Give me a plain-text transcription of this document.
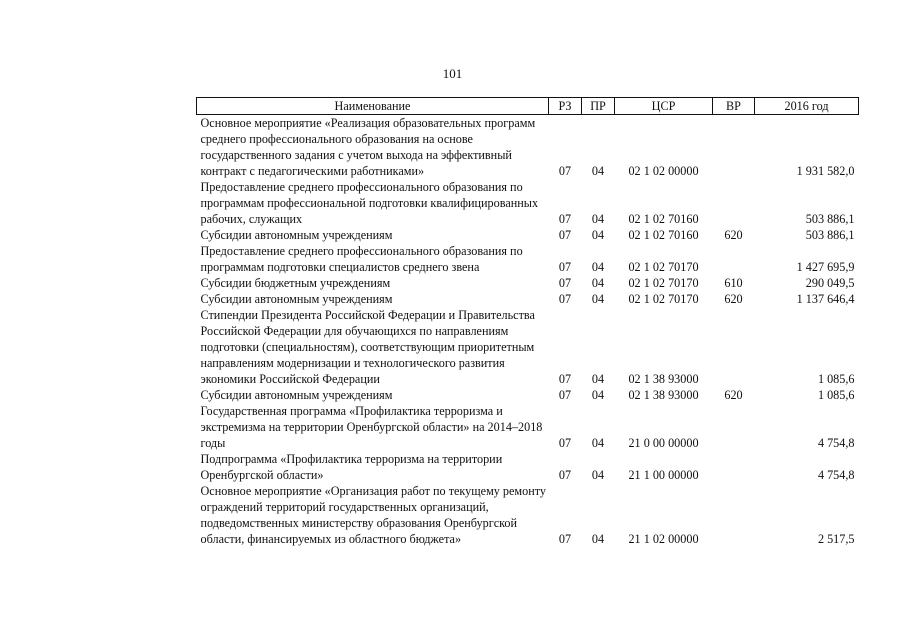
101
Наименование	РЗ	ПР	ЦСР	ВР	2016 год
Основное мероприятие «Реализация образовательных программ среднего профессионального образования на основе государственного задания с учетом выхода на эффективный контракт с педагогическими работниками»	07	04	02 1 02 00000		1 931 582,0
Предоставление среднего профессионального образования по программам профессиональной подготовки квалифицированных рабочих, служащих	07	04	02 1 02 70160		503 886,1
Субсидии автономным учреждениям	07	04	02 1 02 70160	620	503 886,1
Предоставление среднего профессионального образования по программам подготовки специалистов среднего звена	07	04	02 1 02 70170		1 427 695,9
Субсидии бюджетным учреждениям	07	04	02 1 02 70170	610	290 049,5
Субсидии автономным учреждениям	07	04	02 1 02 70170	620	1 137 646,4
Стипендии Президента Российской Федерации и Правительства Российской Федерации для обучающихся по направлениям подготовки (специальностям), соответствующим приоритетным направлениям модернизации и технологического развития экономики Российской Федерации	07	04	02 1 38 93000		1 085,6
Субсидии автономным учреждениям	07	04	02 1 38 93000	620	1 085,6
Государственная программа «Профилактика терроризма и экстремизма на территории Оренбургской области» на 2014–2018 годы	07	04	21 0 00 00000		4 754,8
Подпрограмма «Профилактика терроризма на территории Оренбургской области»	07	04	21 1 00 00000		4 754,8
Основное мероприятие «Организация работ по текущему ремонту ограждений территорий государственных организаций, подведомственных министерству образования Оренбургской области, финансируемых из областного бюджета»	07	04	21 1 02 00000		2 517,5
